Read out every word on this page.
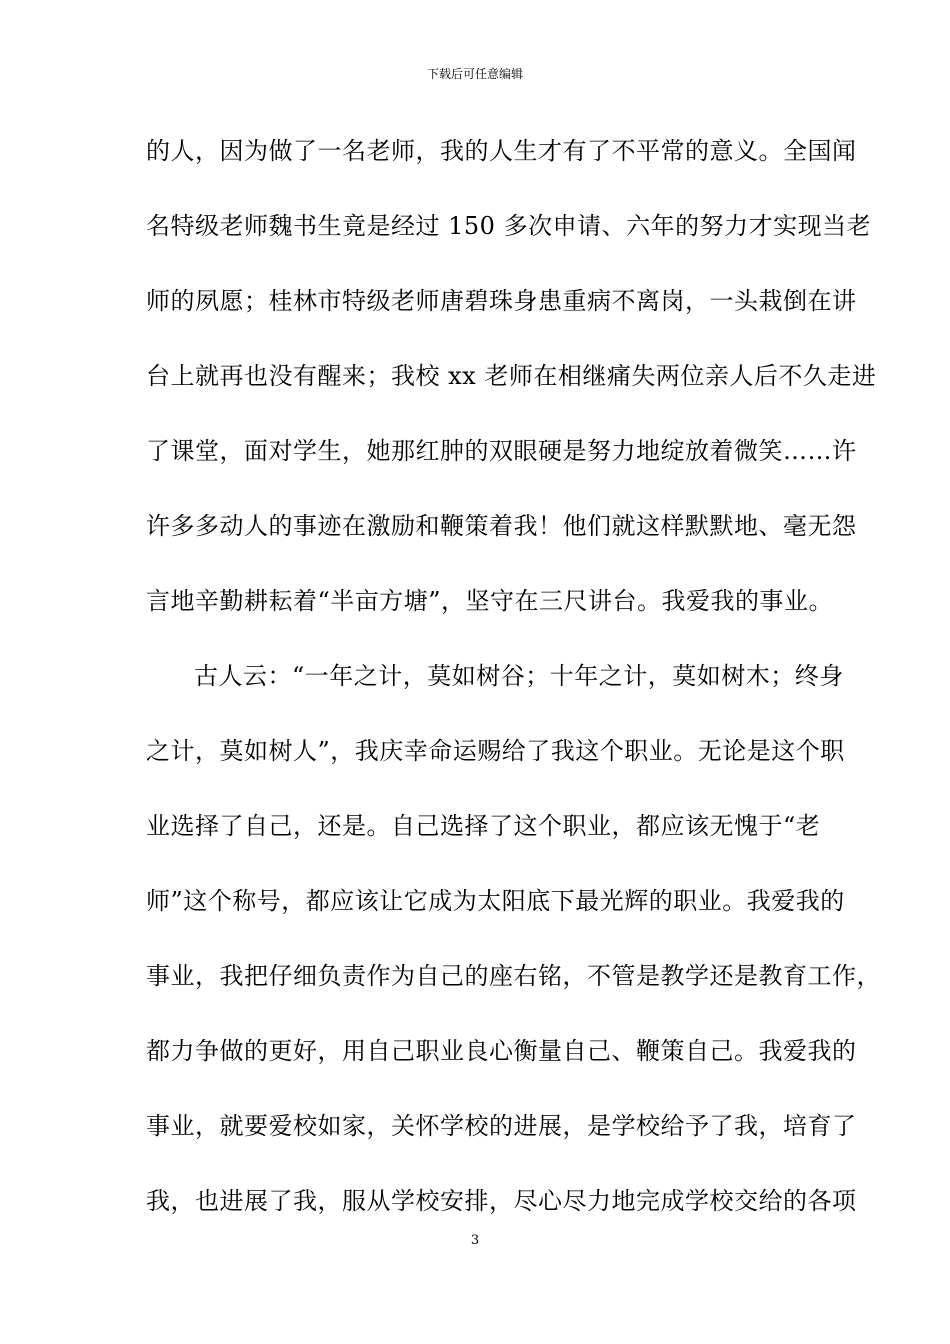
下载后可任意编辑
的人，因为做了一名老师，我的人生才有了不平常的意义。全国闻
名特级老师魏书生竟是经过 150 多次申请、六年的努力才实现当老
师的夙愿；桂林市特级老师唐碧珠身患重病不离岗，一头栽倒在讲
台上就再也没有醒来；我校 xx 老师在相继痛失两位亲人后不久走进
了课堂，面对学生，她那红肿的双眼硬是努力地绽放着微笑……许
许多多动人的事迹在激励和鞭策着我！他们就这样默默地、毫无怨
言地辛勤耕耘着“半亩方塘”，坚守在三尺讲台。我爱我的事业。
古人云：“一年之计，莫如树谷；十年之计，莫如树木；终身
之计，莫如树人”，我庆幸命运赐给了我这个职业。无论是这个职
业选择了自己，还是。自己选择了这个职业，都应该无愧于“老
师”这个称号，都应该让它成为太阳底下最光辉的职业。我爱我的
事业，我把仔细负责作为自己的座右铭，不管是教学还是教育工作，
都力争做的更好，用自己职业良心衡量自己、鞭策自己。我爱我的
事业，就要爱校如家，关怀学校的进展，是学校给予了我，培育了
我，也进展了我，服从学校安排，尽心尽力地完成学校交给的各项
3
